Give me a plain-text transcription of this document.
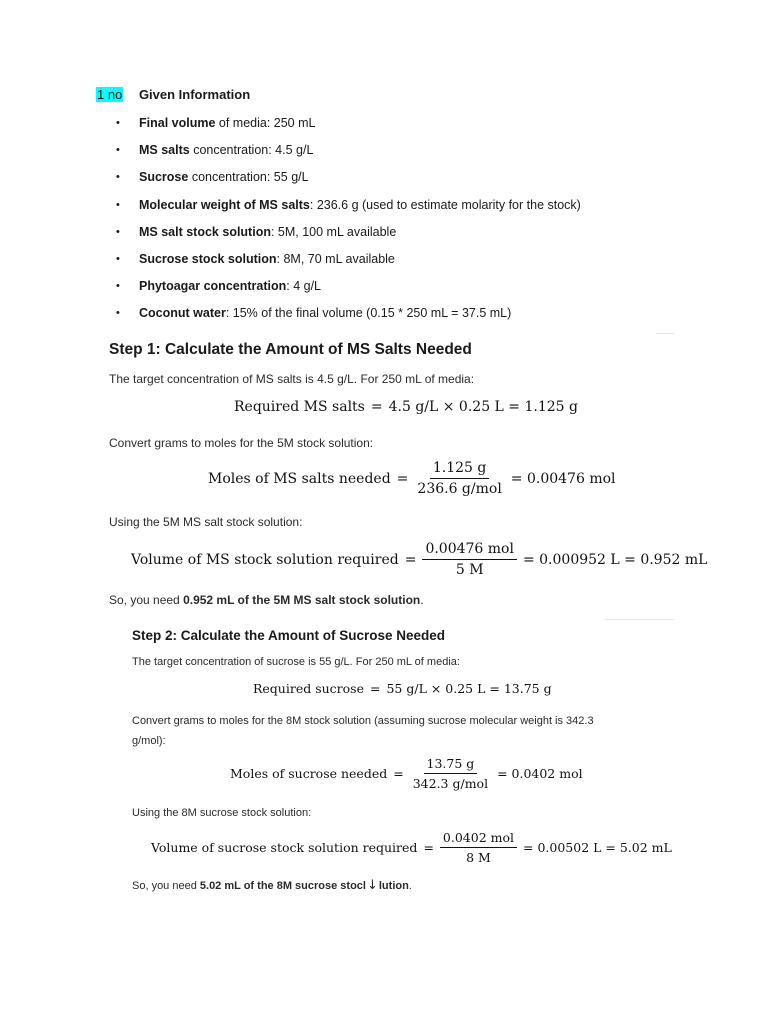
1 no Given Information
• Final volume of media: 250 mL
• MS salts concentration: 4.5 g/L
• Sucrose concentration: 55 g/L
• Molecular weight of MS salts: 236.6 g (used to estimate molarity for the stock)
• MS salt stock solution: 5M, 100 mL available
• Sucrose stock solution: 8M, 70 mL available
• Phytoagar concentration: 4 g/L
• Coconut water: 15% of the final volume (0.15 * 250 mL = 37.5 mL)
Step 1: Calculate the Amount of MS Salts Needed
The target concentration of MS salts is 4.5 g/L. For 250 mL of media:
Required MS salts = 4.5 g/L × 0.25 L = 1.125 g
Convert grams to moles for the 5M stock solution:
Moles of MS salts needed = $\frac{1.125 g}{\text{236.6 g/mol}} = 0.00476$ mol
Using the 5M MS salt stock solution:
Volume of MS stock solution required = $\frac{\text{0.00476 mol}}{5 M} = 0.000952$ L = 0.952 mL
So, you need 0.952 mL of the 5M MS salt stock solution.
Step 2: Calculate the Amount of Sucrose Needed
The target concentration of sucrose is 55 g/L. For 250 mL of media:
Required sucrose = 55 g/L × 0.25 L = 13.75 g
Convert grams to moles for the 8M stock solution (assuming sucrose molecular weight is 342.3
g/mol):
Moles of sucrose needed = $\frac{13.75 g}{\text{342.3 g/mol}} = 0.0402$ mol
Using the 8M sucrose stock solution:
Volume of sucrose stock solution required = $\frac{\text{0.0402 mol}}{8 M} = 0.00502$ L = 5.02 mL
So, you need 5.02 mL of the 8M sucrose stocl↓lution.
